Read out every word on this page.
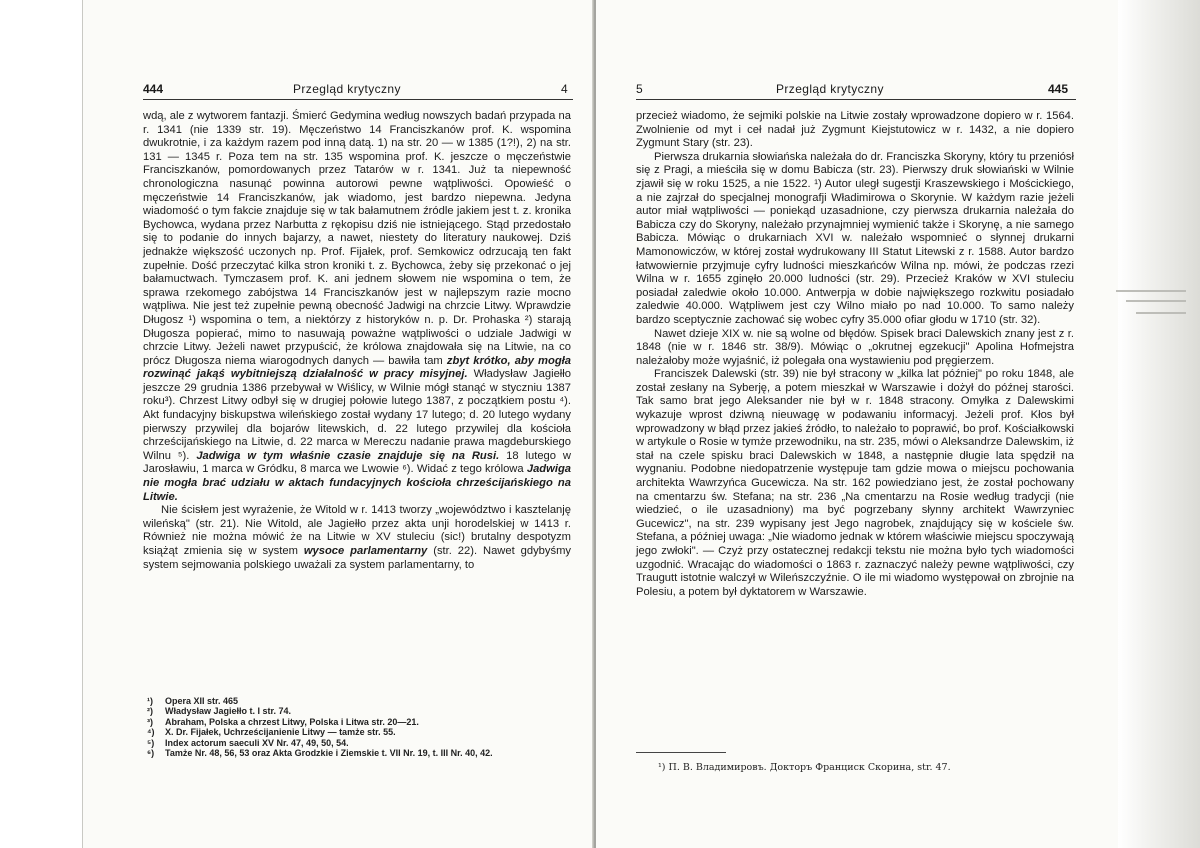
444	Przegląd krytyczny	4

wdą, ale z wytworem fantazji. Śmierć Gedymina według nowszych badań przypada na r. 1341 (nie 1339 str. 19). Męczeństwo 14 Franciszkanów prof. K. wspomina dwukrotnie, i za każdym razem pod inną datą. 1) na str. 20 — w 1385 (1?!), 2) na str. 131 — 1345 r. Poza tem na str. 135 wspomina prof. K. jeszcze o męczeństwie Franciszkanów, pomordowanych przez Tatarów w r. 1341. Już ta niepewność chronologiczna nasunąć powinna autorowi pewne wątpliwości. Opowieść o męczeństwie 14 Franciszkanów, jak wiadomo, jest bardzo niepewna. Jedyna wiadomość o tym fakcie znajduje się w tak bałamutnem źródle jakiem jest t. z. kronika Bychowca, wydana przez Narbutta z rękopisu dziś nie istniejącego. Stąd przedostało się to podanie do innych bajarzy, a nawet, niestety do literatury naukowej. Dziś jednakże większość uczonych np. Prof. Fijałek, prof. Semkowicz odrzucają ten fakt zupełnie. Dość przeczytać kilka stron kroniki t. z. Bychowca, żeby się przekonać o jej bałamuctwach. Tymczasem prof. K. ani jednem słowem nie wspomina o tem, że sprawa rzekomego zabójstwa 14 Franciszkanów jest w najlepszym razie mocno wątpliwa. Nie jest też zupełnie pewną obecność Jadwigi na chrzcie Litwy. Wprawdzie Długosz ¹) wspomina o tem, a niektórzy z historyków n. p. Dr. Prohaska ²) starają Długosza popierać, mimo to nasuwają poważne wątpliwości o udziale Jadwigi w chrzcie Litwy. Jeżeli nawet przypuścić, że królowa znajdowała się na Litwie, na co prócz Długosza niema wiarogodnych danych — bawiła tam zbyt krótko, aby mogła rozwinąć jakąś wybitniejszą działalność w pracy misyjnej. Władysław Jagiełło jeszcze 29 grudnia 1386 przebywał w Wiślicy, w Wilnie mógł stanąć w styczniu 1387 roku³). Chrzest Litwy odbył się w drugiej połowie lutego 1387, z początkiem postu ⁴). Akt fundacyjny biskupstwa wileńskiego został wydany 17 lutego; d. 20 lutego wydany pierwszy przywilej dla bojarów litewskich, d. 22 lutego przywilej dla kościoła chrześcijańskiego na Litwie, d. 22 marca w Mereczu nadanie prawa magdeburskiego Wilnu ⁵). Jadwiga w tym właśnie czasie znajduje się na Rusi. 18 lutego w Jarosławiu, 1 marca w Gródku, 8 marca we Lwowie ⁶). Widać z tego królowa Jadwiga nie mogła brać udziału w aktach fundacyjnych kościoła chrześcijańskiego na Litwie.

Nie ścisłem jest wyrażenie, że Witold w r. 1413 tworzy „województwo i kasztelanję wileńską" (str. 21). Nie Witold, ale Jagiełło przez akta unji horodelskiej w 1413 r. Również nie można mówić że na Litwie w XV stuleciu (sic!) brutalny despotyzm książąt zmienia się w system wysoce parlamentarny (str. 22). Nawet gdybyśmy system sejmowania polskiego uważali za system parlamentarny, to

¹) Opera XII str. 465
²) Władysław Jagiełło t. I str. 74.
³) Abraham, Polska a chrzest Litwy, Polska i Litwa str. 20—21.
⁴) X. Dr. Fijałek, Uchrześcijanienie Litwy — tamże str. 55.
⁵) Index actorum saeculi XV Nr. 47, 49, 50, 54.
⁶) Tamże Nr. 48, 56, 53 oraz Akta Grodzkie i Ziemskie t. VII Nr. 19, t. III Nr. 40, 42.
5	Przegląd krytyczny	445

przecież wiadomo, że sejmiki polskie na Litwie zostały wprowadzone dopiero w r. 1564. Zwolnienie od myt i ceł nadał już Zygmunt Kiejstutowicz w r. 1432, a nie dopiero Zygmunt Stary (str. 23).

Pierwsza drukarnia słowiańska należała do dr. Franciszka Skoryny, który tu przeniósł się z Pragi, a mieściła się w domu Babicza (str. 23). Pierwszy druk słowiański w Wilnie zjawił się w roku 1525, a nie 1522. ¹) Autor uległ sugestji Kraszewskiego i Mościckiego, a nie zajrzał do specjalnej monografji Władimirowa o Skorynie. W każdym razie jeżeli autor miał wątpliwości — poniekąd uzasadnione, czy pierwsza drukarnia należała do Babicza czy do Skoryny, należało przynajmniej wymienić także i Skorynę, a nie samego Babicza. Mówiąc o drukarniach XVI w. należało wspomnieć o słynnej drukarni Mamonowiczów, w której został wydrukowany III Statut Litewski z r. 1588. Autor bardzo łatwowiernie przyjmuje cyfry ludności mieszkańców Wilna np. mówi, że podczas rzezi Wilna w r. 1655 zginęło 20.000 ludności (str. 29). Przecież Kraków w XVI stuleciu posiadał zaledwie około 10.000. Antwerpja w dobie największego rozkwitu posiadało zaledwie 40.000. Wątpliwem jest czy Wilno miało po nad 10.000. To samo należy bardzo sceptycznie zachować się wobec cyfry 35.000 ofiar głodu w 1710 (str. 32).

Nawet dzieje XIX w. nie są wolne od błędów. Spisek braci Dalewskich znany jest z r. 1848 (nie w r. 1846 str. 38/9). Mówiąc o „okrutnej egzekucji" Apolina Hofmejstra należałoby może wyjaśnić, iż polegała ona wystawieniu pod pręgierzem.

Franciszek Dalewski (str. 39) nie był stracony w „kilka lat później" po roku 1848, ale został zesłany na Syberję, a potem mieszkał w Warszawie i dożył do późnej starości. Tak samo brat jego Aleksander nie był w r. 1848 stracony. Omyłka z Dalewskimi wykazuje wprost dziwną nieuwagę w podawaniu informacyj. Jeżeli prof. Kłos był wprowadzony w błąd przez jakieś źródło, to należało to poprawić, bo prof. Kościałkowski w artykule o Rosie w tymże przewodniku, na str. 235, mówi o Aleksandrze Dalewskim, iż stał na czele spisku braci Dalewskich w 1848, a następnie długie lata spędził na wygnaniu. Podobne niedopatrzenie występuje tam gdzie mowa o miejscu pochowania architekta Wawrzyńca Gucewicza. Na str. 162 powiedziano jest, że został pochowany na cmentarzu św. Stefana; na str. 236 „Na cmentarzu na Rosie według tradycji (nie wiedzieć, o ile uzasadniony) ma być pogrzebany słynny architekt Wawrzyniec Gucewicz", na str. 239 wypisany jest Jego nagrobek, znajdujący się w kościele św. Stefana, a później uwaga: „Nie wiadomo jednak w którem właściwie miejscu spoczywają jego zwłoki". — Czyż przy ostatecznej redakcji tekstu nie można było tych wiadomości uzgodnić. Wracając do wiadomości o 1863 r. zaznaczyć należy pewne wątpliwości, czy Traugutt istotnie walczył w Wileńszczyźnie. O ile mi wiadomo występował on zbrojnie na Polesiu, a potem był dyktatorem w Warszawie.

¹) П. В. Владимировъ. Докторъ Франциск Скорина, str. 47.
